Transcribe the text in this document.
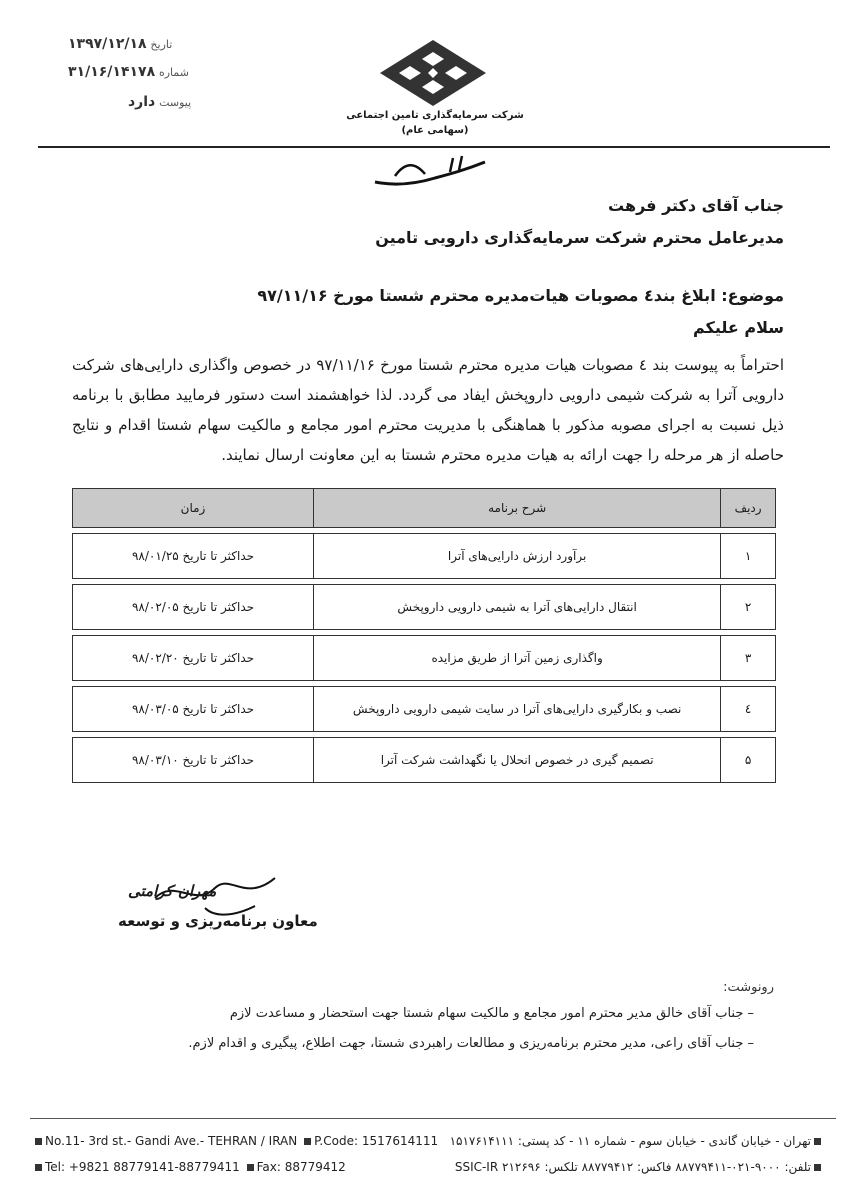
تاریخ ۱۳۹۷/۱۲/۱۸
شماره ۳۱/۱۶/۱۴۱۷۸
پیوست دارد
شرکت سرمایه‌گذاری تامین اجتماعی
(سهامی عام)
جناب آقای دکتر فرهت
مدیرعامل محترم شرکت سرمایه‌گذاری دارویی تامین
موضوع: ابلاغ بند٤ مصوبات هیات‌مدیره محترم شستا مورخ ۹۷/۱۱/۱۶
سلام علیکم
احتراماً به پیوست بند ٤ مصوبات هیات مدیره محترم شستا مورخ ۹۷/۱۱/۱۶ در خصوص واگذاری دارایی‌های شرکت دارویی آترا به شرکت شیمی دارویی داروپخش ایفاد می گردد. لذا خواهشمند است دستور فرمایید مطابق با برنامه ذیل نسبت به اجرای مصوبه مذکور با هماهنگی با مدیریت محترم امور مجامع و مالکیت سهام شستا اقدام و نتایج حاصله از هر مرحله را جهت ارائه به هیات مدیره محترم شستا به این معاونت ارسال نمایند.
ردیف	شرح برنامه	زمان

۱	برآورد ارزش دارایی‌های آترا	حداکثر تا تاریخ ۹۸/۰۱/۲۵

۲	انتقال دارایی‌های آترا به شیمی دارویی داروپخش	حداکثر تا تاریخ ۹۸/۰۲/۰۵

۳	واگذاری زمین آترا از طریق مزایده	حداکثر تا تاریخ ۹۸/۰۲/۲۰

٤	نصب و بکارگیری دارایی‌های آترا در سایت شیمی دارویی داروپخش	حداکثر تا تاریخ ۹۸/۰۳/۰۵

۵	تصمیم گیری در خصوص انحلال یا نگهداشت شرکت آترا	حداکثر تا تاریخ ۹۸/۰۳/۱۰
مهران کرامتی
معاون برنامه‌ریزی و توسعه
رونوشت:
– جناب آقای خالق مدیر محترم امور مجامع و مالکیت سهام شستا جهت استحضار و مساعدت لازم
– جناب آقای راعی، مدیر محترم برنامه‌ریزی و مطالعات راهبردی شستا، جهت اطلاع، پیگیری و اقدام لازم.
No.11- 3rd st.- Gandi Ave.- TEHRAN / IRAN P.Code: 1517614111
Tel: +9821 88779141-88779411 Fax: 88779412
تهران - خیابان گاندی - خیابان سوم - شماره ۱۱ - کد پستی: ۱۵۱۷۶۱۴۱۱۱
تلفن: ۹۰۰۰-۰۲۱-۸۸۷۷۹۴۱۱ فاکس: ۸۸۷۷۹۴۱۲ تلکس: SSIC-IR ۲۱۲۶۹۶
